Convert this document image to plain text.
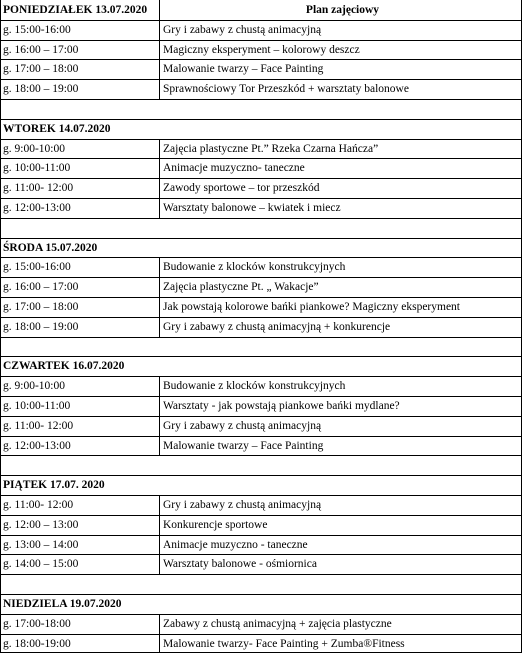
PONIEDZIAŁEK 13.07.2020	Plan zajęciowy
g. 15:00-16:00	Gry i zabawy z chustą animacyjną
g. 16:00 – 17:00	Magiczny eksperyment – kolorowy deszcz
g. 17:00 – 18:00	Malowanie twarzy – Face Painting
g. 18:00 – 19:00	Sprawnościowy Tor Przeszkód + warsztaty balonowe
WTOREK 14.07.2020
g. 9:00-10:00	Zajęcia plastyczne Pt.” Rzeka Czarna Hańcza”
g. 10:00-11:00	Animacje muzyczno- taneczne
g. 11:00- 12:00	Zawody sportowe – tor przeszkód
g. 12:00-13:00	Warsztaty balonowe – kwiatek i miecz
ŚRODA 15.07.2020
g. 15:00-16:00	Budowanie z klocków konstrukcyjnych
g. 16:00 – 17:00	Zajęcia plastyczne Pt. „ Wakacje”
g. 17:00 – 18:00	Jak powstają kolorowe bańki piankowe? Magiczny eksperyment
g. 18:00 – 19:00	Gry i zabawy z chustą animacyjną + konkurencje
CZWARTEK 16.07.2020
g. 9:00-10:00	Budowanie z klocków konstrukcyjnych
g. 10:00-11:00	Warsztaty - jak powstają piankowe bańki mydlane?
g. 11:00- 12:00	Gry i zabawy z chustą animacyjną
g. 12:00-13:00	Malowanie twarzy – Face Painting
PIĄTEK 17.07. 2020
g. 11:00- 12:00	Gry i zabawy z chustą animacyjną
g. 12:00 – 13:00	Konkurencje sportowe
g. 13:00 – 14:00	Animacje muzyczno - taneczne
g. 14:00 – 15:00	Warsztaty balonowe - ośmiornica
NIEDZIELA 19.07.2020
g. 17:00-18:00	Zabawy z chustą animacyjną + zajęcia plastyczne
g. 18:00-19:00	Malowanie twarzy- Face Painting + Zumba®Fitness
